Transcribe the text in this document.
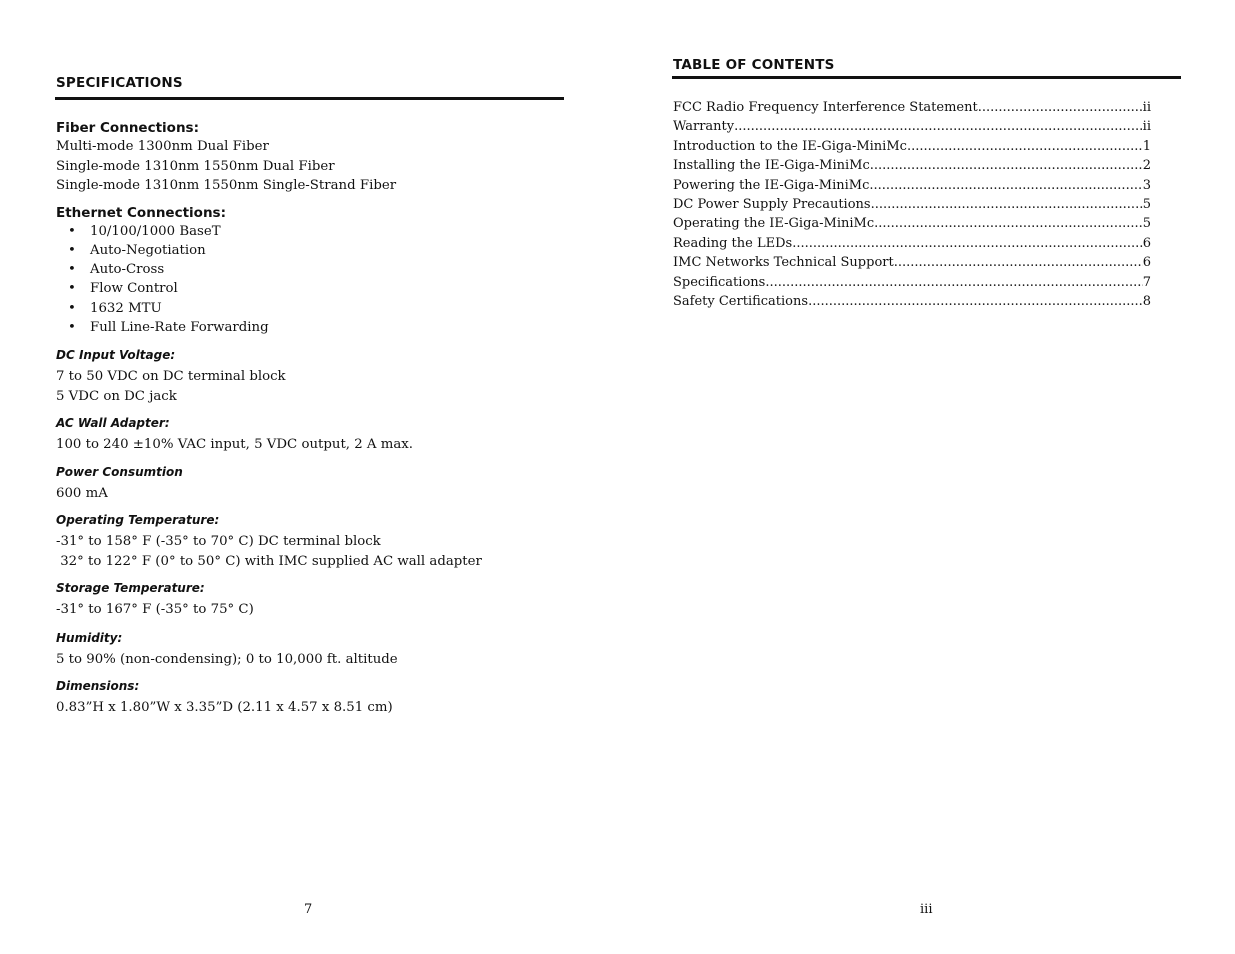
SPECIFICATIONS

Fiber Connections:

Multi-mode 1300nm Dual Fiber

Single-mode 1310nm 1550nm Dual Fiber

Single-mode 1310nm 1550nm Single-Strand Fiber

Ethernet Connections:

• 10/100/1000 BaseT
• Auto-Negotiation
• Auto-Cross
• Flow Control
• 1632 MTU
• Full Line-Rate Forwarding

DC Input Voltage:

7 to 50 VDC on DC terminal block

5 VDC on DC jack

AC Wall Adapter:

100 to 240 ±10% VAC input, 5 VDC output, 2 A max.

Power Consumtion

600 mA

Operating Temperature:

-31° to 158° F (-35° to 70° C) DC terminal block

32° to 122° F (0° to 50° C) with IMC supplied AC wall adapter

Storage Temperature:

-31° to 167° F (-35° to 75° C)

Humidity:

5 to 90% (non-condensing); 0 to 10,000 ft. altitude

Dimensions:

0.83”H x 1.80”W x 3.35”D (2.11 x 4.57 x 8.51 cm)

7
TABLE OF CONTENTS
FCC Radio Frequency Interference Statement .....	ii
Warranty .....	ii
Introduction to the IE-Giga-MiniMc .....	1
Installing the IE-Giga-MiniMc .....	2
Powering the IE-Giga-MiniMc .....	3
DC Power Supply Precautions .....	5
Operating the IE-Giga-MiniMc .....	5
Reading the LEDs .....	6
IMC Networks Technical Support .....	6
Specifications .....	7
Safety Certifications .....	8
iii
